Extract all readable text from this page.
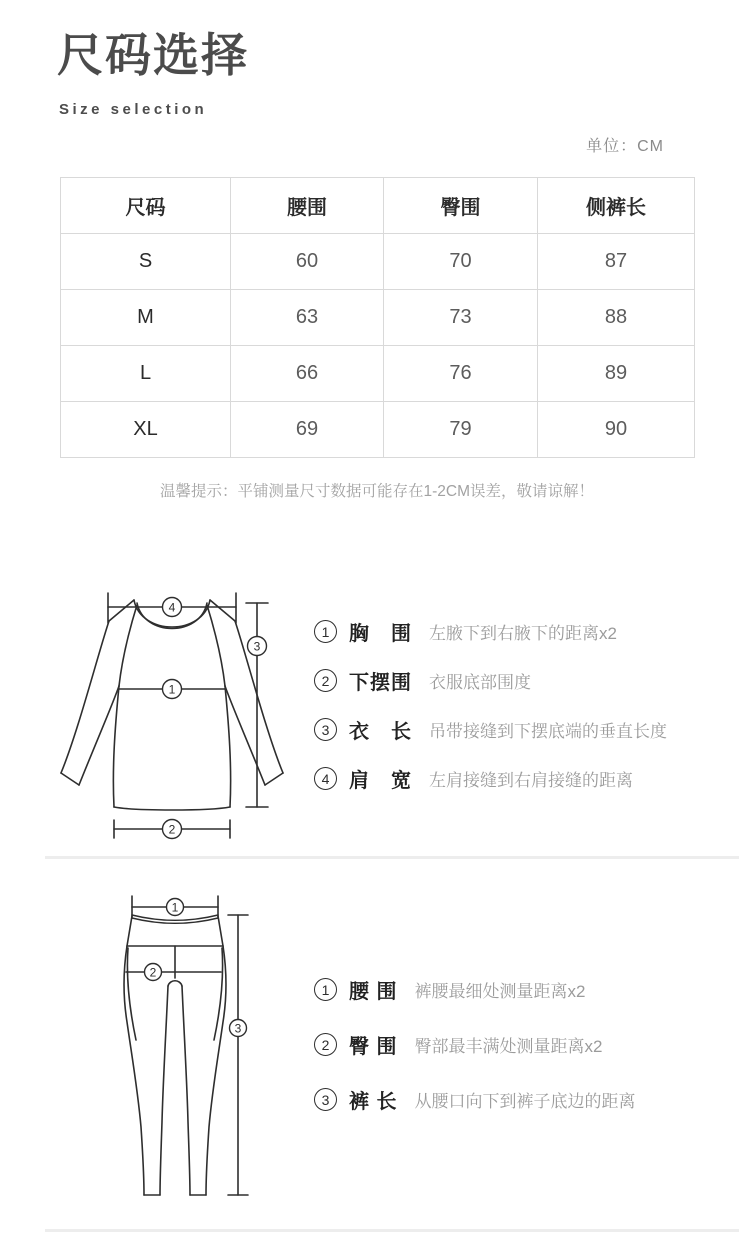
尺码选择
Size selection
单位：CM
尺码	腰围	臀围	侧裤长
S	60	70	87
M	63	73	88
L	66	76	89
XL	69	79	90
温馨提示：平铺测量尺寸数据可能存在1-2CM误差，敬请谅解！
4
1
2
3
1 胸　围 左腋下到右腋下的距离x2
2 下摆围 衣服底部围度
3 衣　长 吊带接缝到下摆底端的垂直长度
4 肩　宽 左肩接缝到右肩接缝的距离
1
2
3
1 腰 围 裤腰最细处测量距离x2
2 臀 围 臀部最丰满处测量距离x2
3 裤 长 从腰口向下到裤子底边的距离
